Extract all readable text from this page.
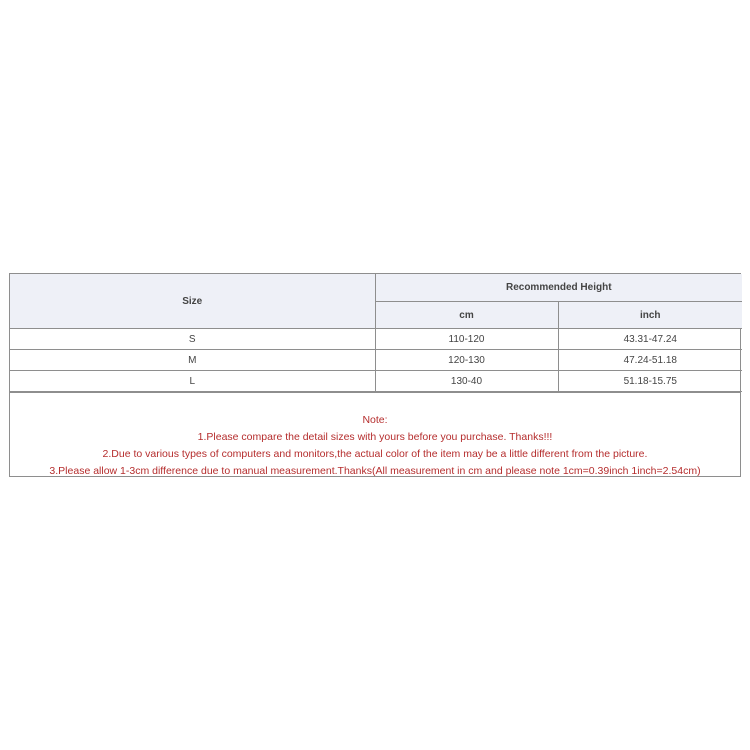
Size	Recommended Height	
	cm	inch
S	110-120	43.31-47.24
M	120-130	47.24-51.18
L	130-40	51.18-15.75
Note:
1.Please compare the detail sizes with yours before you purchase. Thanks!!!
2.Due to various types of computers and monitors,the actual color of the item may be a little different from the picture.
3.Please allow 1-3cm difference due to manual measurement.Thanks(All measurement in cm and please note 1cm=0.39inch 1inch=2.54cm)
